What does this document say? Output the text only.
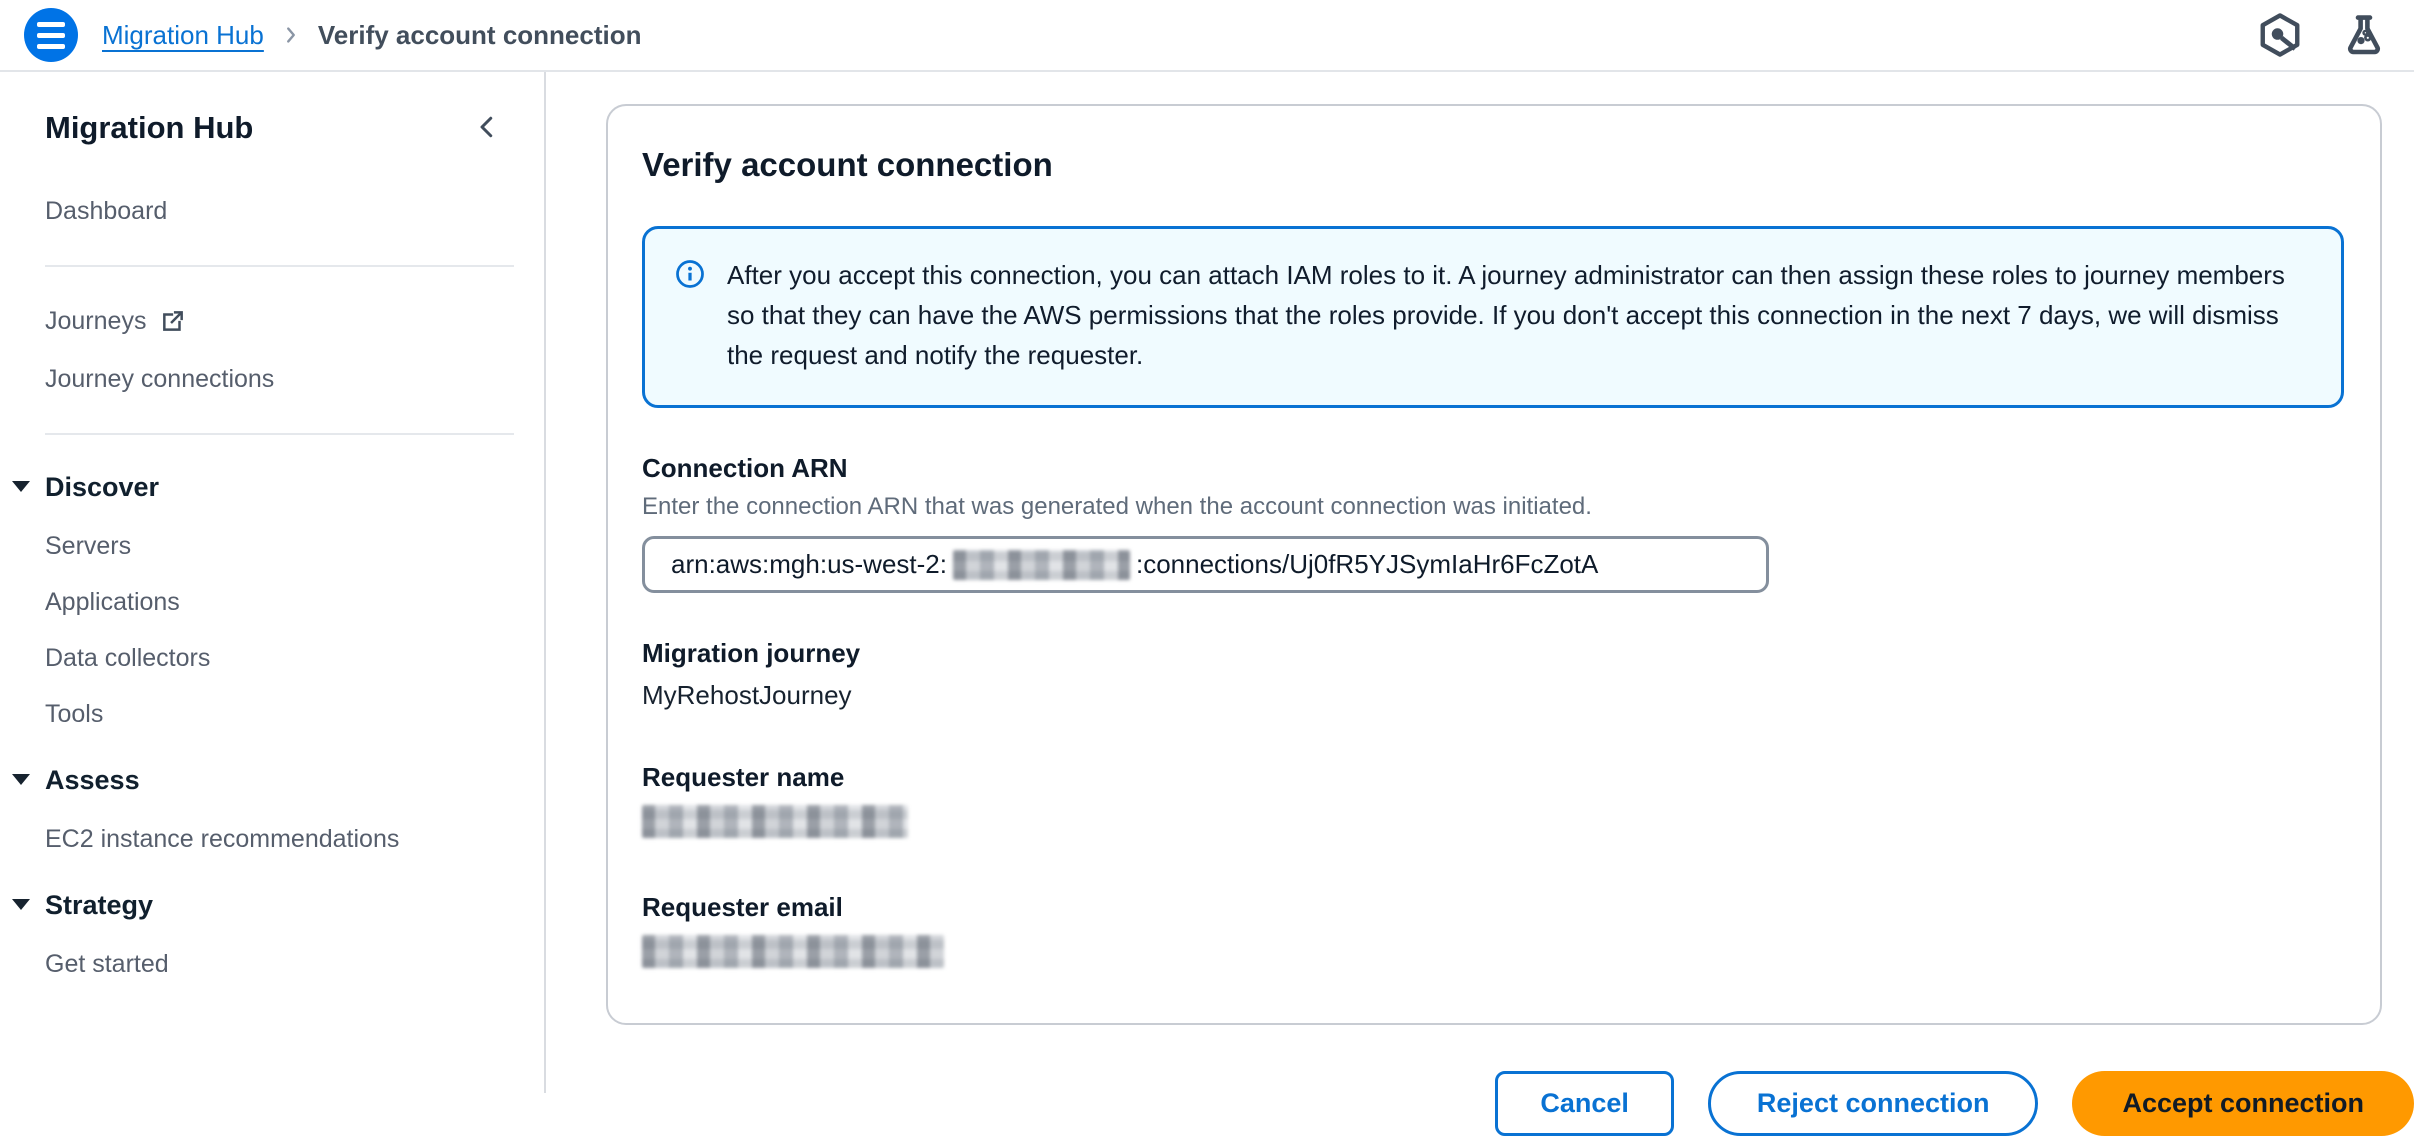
Migration Hub Verify account connection
Migration Hub
Dashboard
Journeys
Journey connections
Discover
Servers
Applications
Data collectors
Tools
Assess
EC2 instance recommendations
Strategy
Get started
Verify account connection

After you accept this connection, you can attach IAM roles to it. A journey administrator can then assign these roles to journey members so that they can have the AWS permissions that the roles provide. If you don't accept this connection in the next 7 days, we will dismiss the request and notify the requester.

Connection ARN
Enter the connection ARN that was generated when the account connection was initiated.
arn:aws:mgh:us-west-2:	:connections/Uj0fR5YJSymIaHr6FcZotA
Migration journey
MyRehostJourney
Requester name
Requester email
Cancel	Reject connection	Accept connection
